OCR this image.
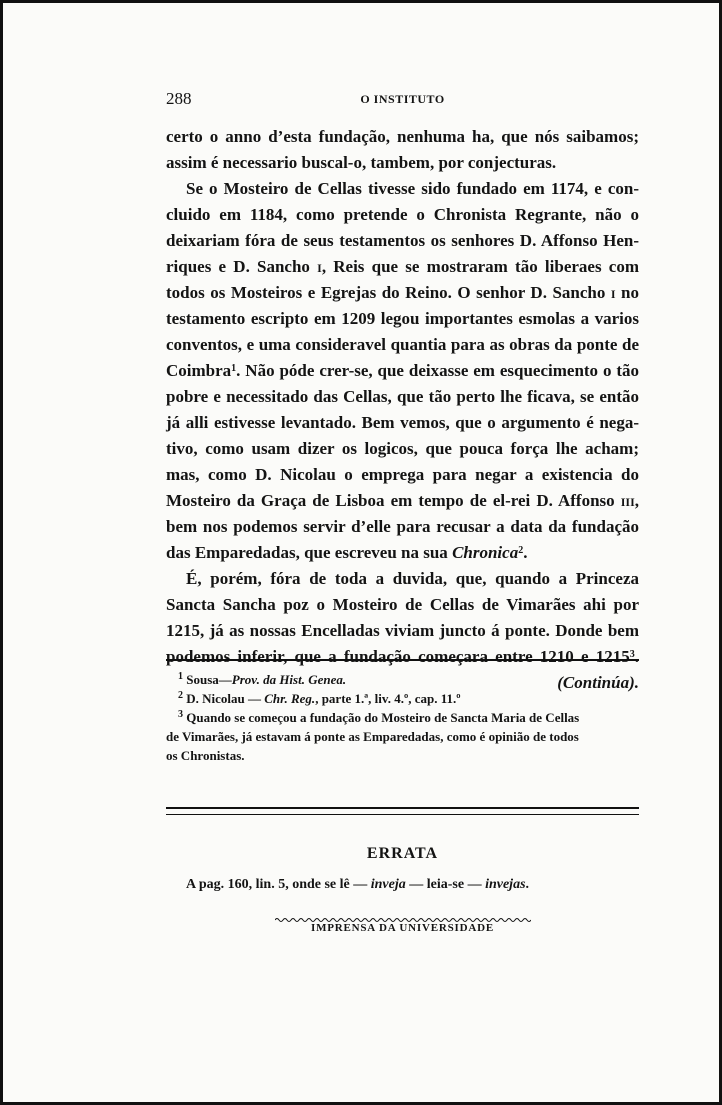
288	O INSTITUTO
certo o anno d’esta fundação, nenhuma ha, que nós saibamos;
assim é necessario buscal-o, tambem, por conjecturas.
Se o Mosteiro de Cellas tivesse sido fundado em 1174, e con-
cluido em 1184, como pretende o Chronista Regrante, não o
deixariam fóra de seus testamentos os senhores D. Affonso Hen-
riques e D. Sancho i, Reis que se mostraram tão liberaes com
todos os Mosteiros e Egrejas do Reino. O senhor D. Sancho i no
testamento escripto em 1209 legou importantes esmolas a varios
conventos, e uma consideravel quantia para as obras da ponte de
Coimbra$^1$. Não póde crer-se, que deixasse em esquecimento o tão
pobre e necessitado das Cellas, que tão perto lhe ficava, se então
já alli estivesse levantado. Bem vemos, que o argumento é nega-
tivo, como usam dizer os logicos, que pouca força lhe acham;
mas, como D. Nicolau o emprega para negar a existencia do
Mosteiro da Graça de Lisboa em tempo de el-rei D. Affonso iii,
bem nos podemos servir d’elle para recusar a data da fundação
das Emparedadas, que escreveu na sua Chronica$^2$.
É, porém, fóra de toda a duvida, que, quando a Princeza
Sancta Sancha poz o Mosteiro de Cellas de Vimarães ahi por
1215, já as nossas Encelladas viviam juncto á ponte. Donde bem
podemos inferir, que a fundação começara entre 1210 e 1215$^3$.
(Continúa).
$^1$ Sousa—Prov. da Hist. Genea.
$^2$ D. Nicolau — Chr. Reg., parte 1.ª, liv. 4.º, cap. 11.º
$^3$ Quando se começou a fundação do Mosteiro de Sancta Maria de Cellas
de Vimarães, já estavam á ponte as Emparedadas, como é opinião de todos
os Chronistas.
ERRATA
A pag. 160, lin. 5, onde se lê — inveja — leia-se — invejas.
IMPRENSA DA UNIVERSIDADE
